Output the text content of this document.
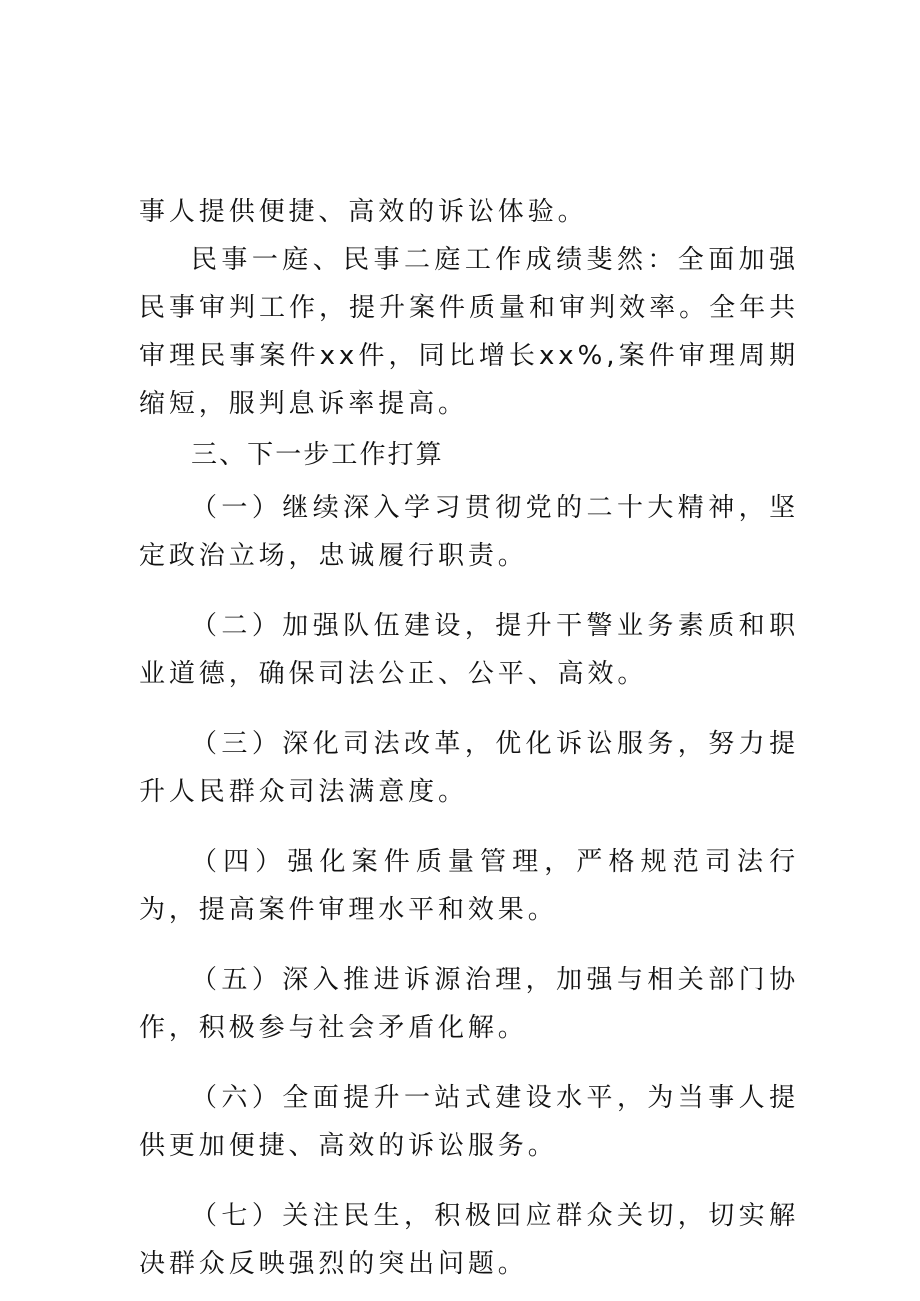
事人提供便捷、高效的诉讼体验。

民事一庭、民事二庭工作成绩斐然：全面加强民事审判工作，提升案件质量和审判效率。全年共审理民事案件xx件，同比增长xx%,案件审理周期缩短，服判息诉率提高。

三、下一步工作打算

（一）继续深入学习贯彻党的二十大精神，坚定政治立场，忠诚履行职责。

（二）加强队伍建设，提升干警业务素质和职业道德，确保司法公正、公平、高效。

（三）深化司法改革，优化诉讼服务，努力提升人民群众司法满意度。

（四）强化案件质量管理，严格规范司法行为，提高案件审理水平和效果。

（五）深入推进诉源治理，加强与相关部门协作，积极参与社会矛盾化解。

（六）全面提升一站式建设水平，为当事人提供更加便捷、高效的诉讼服务。

（七）关注民生，积极回应群众关切，切实解决群众反映强烈的突出问题。
